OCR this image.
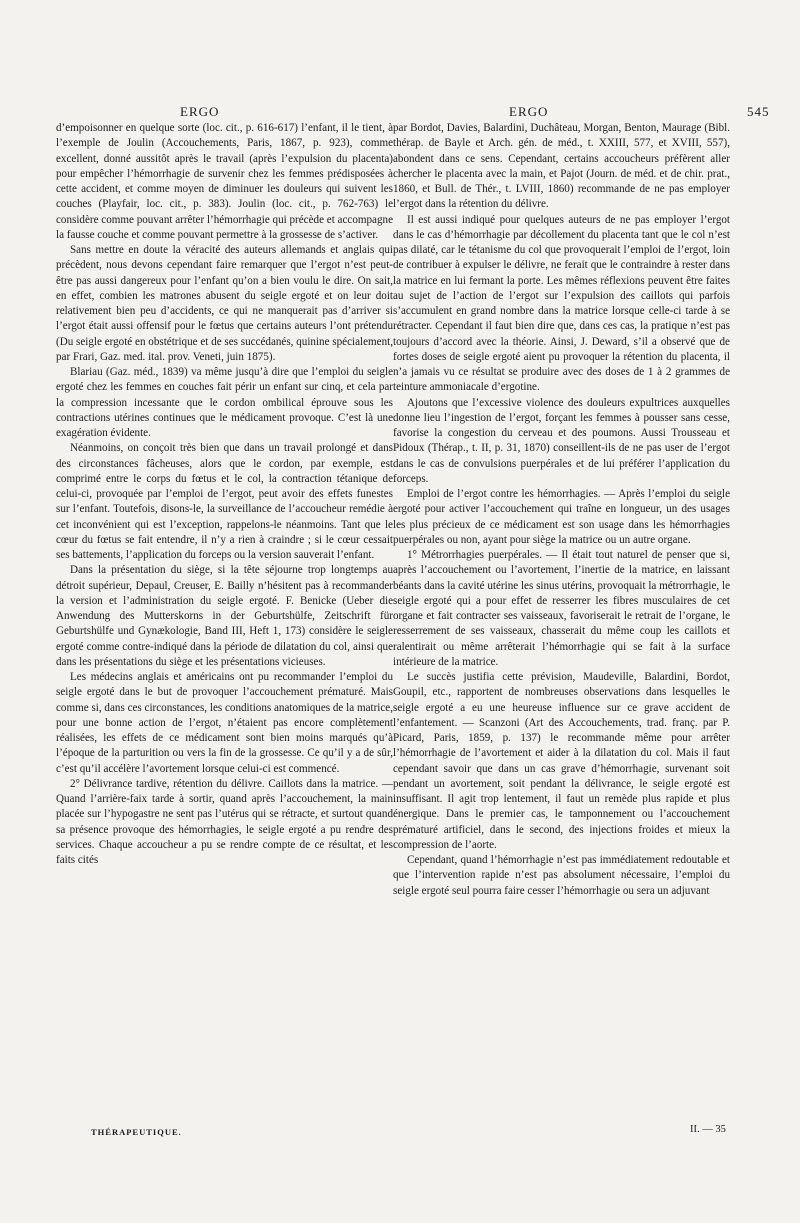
ERGO	ERGO	545

d’empoisonner en quelque sorte (loc. cit., p. 616-617) l’enfant, il le tient, à l’exemple de Joulin (Accouchements, Paris, 1867, p. 923), comme excellent, donné aussitôt après le travail (après l’expulsion du placenta) pour empêcher l’hémorrhagie de survenir chez les femmes prédisposées à cette accident, et comme moyen de diminuer les douleurs qui suivent les couches (Playfair, loc. cit., p. 383). Joulin (loc. cit., p. 762-763) le considère comme pouvant arrêter l’hémorrhagie qui précède et accompagne la fausse couche et comme pouvant permettre à la grossesse de s’activer.

Sans mettre en doute la véracité des auteurs allemands et anglais qui précèdent, nous devons cependant faire remarquer que l’ergot n’est peut-être pas aussi dangereux pour l’enfant qu’on a bien voulu le dire. On sait, en effet, combien les matrones abusent du seigle ergoté et on leur doit relativement bien peu d’accidents, ce qui ne manquerait pas d’arriver si l’ergot était aussi offensif pour le fœtus que certains auteurs l’ont prétendu (Du seigle ergoté en obstétrique et de ses succédanés, quinine spécialement, par Frari, Gaz. med. ital. prov. Veneti, juin 1875).

Blariau (Gaz. méd., 1839) va même jusqu’à dire que l’emploi du seigle ergoté chez les femmes en couches fait périr un enfant sur cinq, et cela par la compression incessante que le cordon ombilical éprouve sous les contractions utérines continues que le médicament provoque. C’est là une exagération évidente.

Néanmoins, on conçoit très bien que dans un travail prolongé et dans des circonstances fâcheuses, alors que le cordon, par exemple, est comprimé entre le corps du fœtus et le col, la contraction tétanique de celui-ci, provoquée par l’emploi de l’ergot, peut avoir des effets funestes sur l’enfant. Toutefois, disons-le, la surveillance de l’accoucheur remédie à cet inconvénient qui est l’exception, rappelons-le néanmoins. Tant que le cœur du fœtus se fait entendre, il n’y a rien à craindre ; si le cœur cessait ses battements, l’application du forceps ou la version sauverait l’enfant.

Dans la présentation du siège, si la tête séjourne trop longtemps au détroit supérieur, Depaul, Creuser, E. Bailly n’hésitent pas à recommander la version et l’administration du seigle ergoté. F. Benicke (Ueber die Anwendung des Mutterskorns in der Geburtshülfe, Zeitschrift für Geburtshülfe und Gynækologie, Band III, Heft 1, 173) considère le seigle ergoté comme contre-indiqué dans la période de dilatation du col, ainsi que dans les présentations du siège et les présentations vicieuses.

Les médecins anglais et américains ont pu recommander l’emploi du seigle ergoté dans le but de provoquer l’accouchement prématuré. Mais comme si, dans ces circonstances, les conditions anatomiques de la matrice, pour une bonne action de l’ergot, n’étaient pas encore complètement réalisées, les effets de ce médicament sont bien moins marqués qu’à l’époque de la parturition ou vers la fin de la grossesse. Ce qu’il y a de sûr, c’est qu’il accélère l’avortement lorsque celui-ci est commencé.

2° Délivrance tardive, rétention du délivre. Caillots dans la matrice. — Quand l’arrière-faix tarde à sortir, quand après l’accouchement, la main placée sur l’hypogastre ne sent pas l’utérus qui se rétracte, et surtout quand sa présence provoque des hémorrhagies, le seigle ergoté a pu rendre des services. Chaque accoucheur a pu se rendre compte de ce résultat, et les faits cités

par Bordot, Davies, Balardini, Duchâteau, Morgan, Benton, Maurage (Bibl. thérap. de Bayle et Arch. gén. de méd., t. XXIII, 577, et XVIII, 557), abondent dans ce sens. Cependant, certains accoucheurs préfèrent aller chercher le placenta avec la main, et Pajot (Journ. de méd. et de chir. prat., 1860, et Bull. de Thér., t. LVIII, 1860) recommande de ne pas employer l’ergot dans la rétention du délivre.

Il est aussi indiqué pour quelques auteurs de ne pas employer l’ergot dans le cas d’hémorrhagie par décollement du placenta tant que le col n’est pas dilaté, car le tétanisme du col que provoquerait l’emploi de l’ergot, loin de contribuer à expulser le délivre, ne ferait que le contraindre à rester dans la matrice en lui fermant la porte. Les mêmes réflexions peuvent être faites au sujet de l’action de l’ergot sur l’expulsion des caillots qui parfois s’accumulent en grand nombre dans la matrice lorsque celle-ci tarde à se rétracter. Cependant il faut bien dire que, dans ces cas, la pratique n’est pas toujours d’accord avec la théorie. Ainsi, J. Deward, s’il a observé que de fortes doses de seigle ergoté aient pu provoquer la rétention du placenta, il n’a jamais vu ce résultat se produire avec des doses de 1 à 2 grammes de teinture ammoniacale d’ergotine.

Ajoutons que l’excessive violence des douleurs expultrices auxquelles donne lieu l’ingestion de l’ergot, forçant les femmes à pousser sans cesse, favorise la congestion du cerveau et des poumons. Aussi Trousseau et Pidoux (Thérap., t. II, p. 31, 1870) conseillent-ils de ne pas user de l’ergot dans le cas de convulsions puerpérales et de lui préférer l’application du forceps.

Emploi de l’ergot contre les hémorrhagies. — Après l’emploi du seigle ergoté pour activer l’accouchement qui traîne en longueur, un des usages les plus précieux de ce médicament est son usage dans les hémorrhagies puerpérales ou non, ayant pour siège la matrice ou un autre organe.

1° Métrorrhagies puerpérales. — Il était tout naturel de penser que si, après l’accouchement ou l’avortement, l’inertie de la matrice, en laissant béants dans la cavité utérine les sinus utérins, provoquait la métrorrhagie, le seigle ergoté qui a pour effet de resserrer les fibres musculaires de cet organe et fait contracter ses vaisseaux, favoriserait le retrait de l’organe, le resserrement de ses vaisseaux, chasserait du même coup les caillots et ralentirait ou même arrêterait l’hémorrhagie qui se fait à la surface intérieure de la matrice.

Le succès justifia cette prévision, Maudeville, Balardini, Bordot, Goupil, etc., rapportent de nombreuses observations dans lesquelles le seigle ergoté a eu une heureuse influence sur ce grave accident de l’enfantement. — Scanzoni (Art des Accouchements, trad. franç. par P. Picard, Paris, 1859, p. 137) le recommande même pour arrêter l’hémorrhagie de l’avortement et aider à la dilatation du col. Mais il faut cependant savoir que dans un cas grave d’hémorrhagie, survenant soit pendant un avortement, soit pendant la délivrance, le seigle ergoté est insuffisant. Il agit trop lentement, il faut un remède plus rapide et plus énergique. Dans le premier cas, le tamponnement ou l’accouchement prématuré artificiel, dans le second, des injections froides et mieux la compression de l’aorte.

Cependant, quand l’hémorrhagie n’est pas immédiatement redoutable et que l’intervention rapide n’est pas absolument nécessaire, l’emploi du seigle ergoté seul pourra faire cesser l’hémorrhagie ou sera un adjuvant

THÉRAPEUTIQUE.	II. — 35
